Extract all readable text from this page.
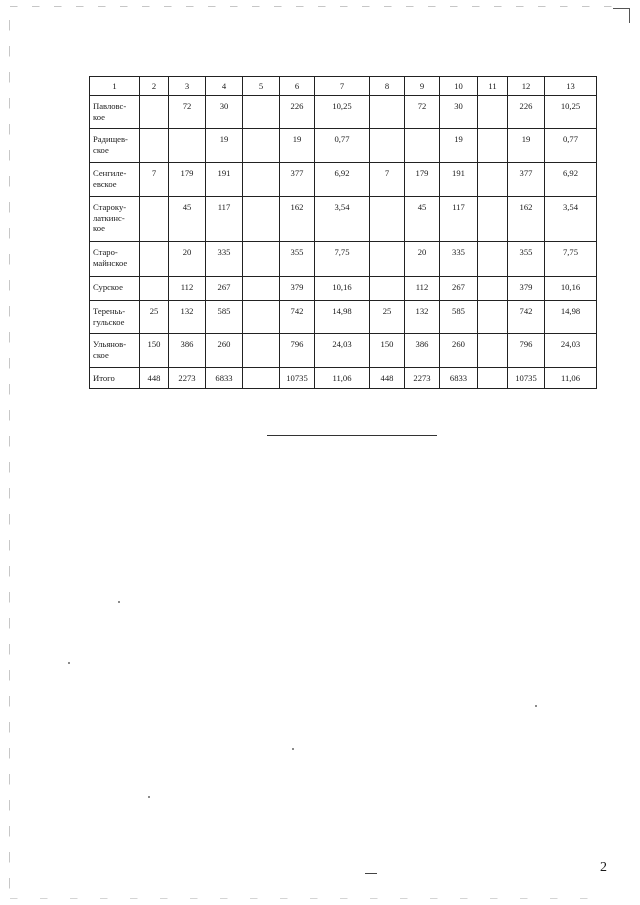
1	2	3	4	5	6	7	8	9	10	11	12	13
Павловс-
кое		72	30		226	10,25		72	30		226	10,25
Радищев-
ское			19		19	0,77			19		19	0,77
Сенгиле-
евское	7	179	191		377	6,92	7	179	191		377	6,92
Староку-
латкинс-
кое		45	117		162	3,54		45	117		162	3,54
Старо-
майнское		20	335		355	7,75		20	335		355	7,75
Сурское		112	267		379	10,16		112	267		379	10,16
Тереньь-
гульское	25	132	585		742	14,98	25	132	585		742	14,98
Ульянов-
ское	150	386	260		796	24,03	150	386	260		796	24,03
Итого	448	2273	6833		10735	11,06	448	2273	6833		10735	11,06
2
